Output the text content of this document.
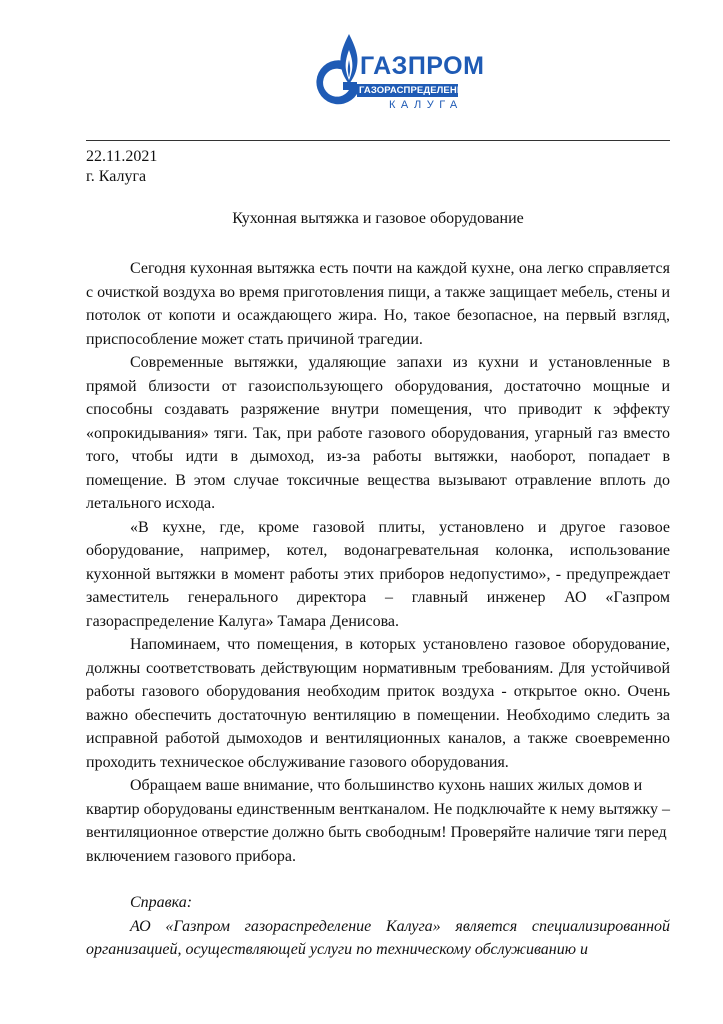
ГАЗПРОМ
ГАЗОРАСПРЕДЕЛЕНИЕ
КАЛУГА
22.11.2021
г. Калуга
Кухонная вытяжка и газовое оборудование

Сегодня кухонная вытяжка есть почти на каждой кухне, она легко справляется с очисткой воздуха во время приготовления пищи, а также защищает мебель, стены и потолок от копоти и осаждающего жира. Но, такое безопасное, на первый взгляд, приспособление может стать причиной трагедии.

Современные вытяжки, удаляющие запахи из кухни и установленные в прямой близости от газоиспользующего оборудования, достаточно мощные и способны создавать разряжение внутри помещения, что приводит к эффекту «опрокидывания» тяги. Так, при работе газового оборудования, угарный газ вместо того, чтобы идти в дымоход, из-за работы вытяжки, наоборот, попадает в помещение. В этом случае токсичные вещества вызывают отравление вплоть до летального исхода.

«В кухне, где, кроме газовой плиты, установлено и другое газовое оборудование, например, котел, водонагревательная колонка, использование кухонной вытяжки в момент работы этих приборов недопустимо», - предупреждает заместитель генерального директора – главный инженер АО «Газпром газораспределение Калуга» Тамара Денисова.

Напоминаем, что помещения, в которых установлено газовое оборудование, должны соответствовать действующим нормативным требованиям. Для устойчивой работы газового оборудования необходим приток воздуха - открытое окно. Очень важно обеспечить достаточную вентиляцию в помещении. Необходимо следить за исправной работой дымоходов и вентиляционных каналов, а также своевременно проходить техническое обслуживание газового оборудования.

Обращаем ваше внимание, что большинство кухонь наших жилых домов и квартир оборудованы единственным вентканалом. Не подключайте к нему вытяжку – вентиляционное отверстие должно быть свободным! Проверяйте наличие тяги перед включением газового прибора.

Справка:

АО «Газпром газораспределение Калуга» является специализированной организацией, осуществляющей услуги по техническому обслуживанию и
